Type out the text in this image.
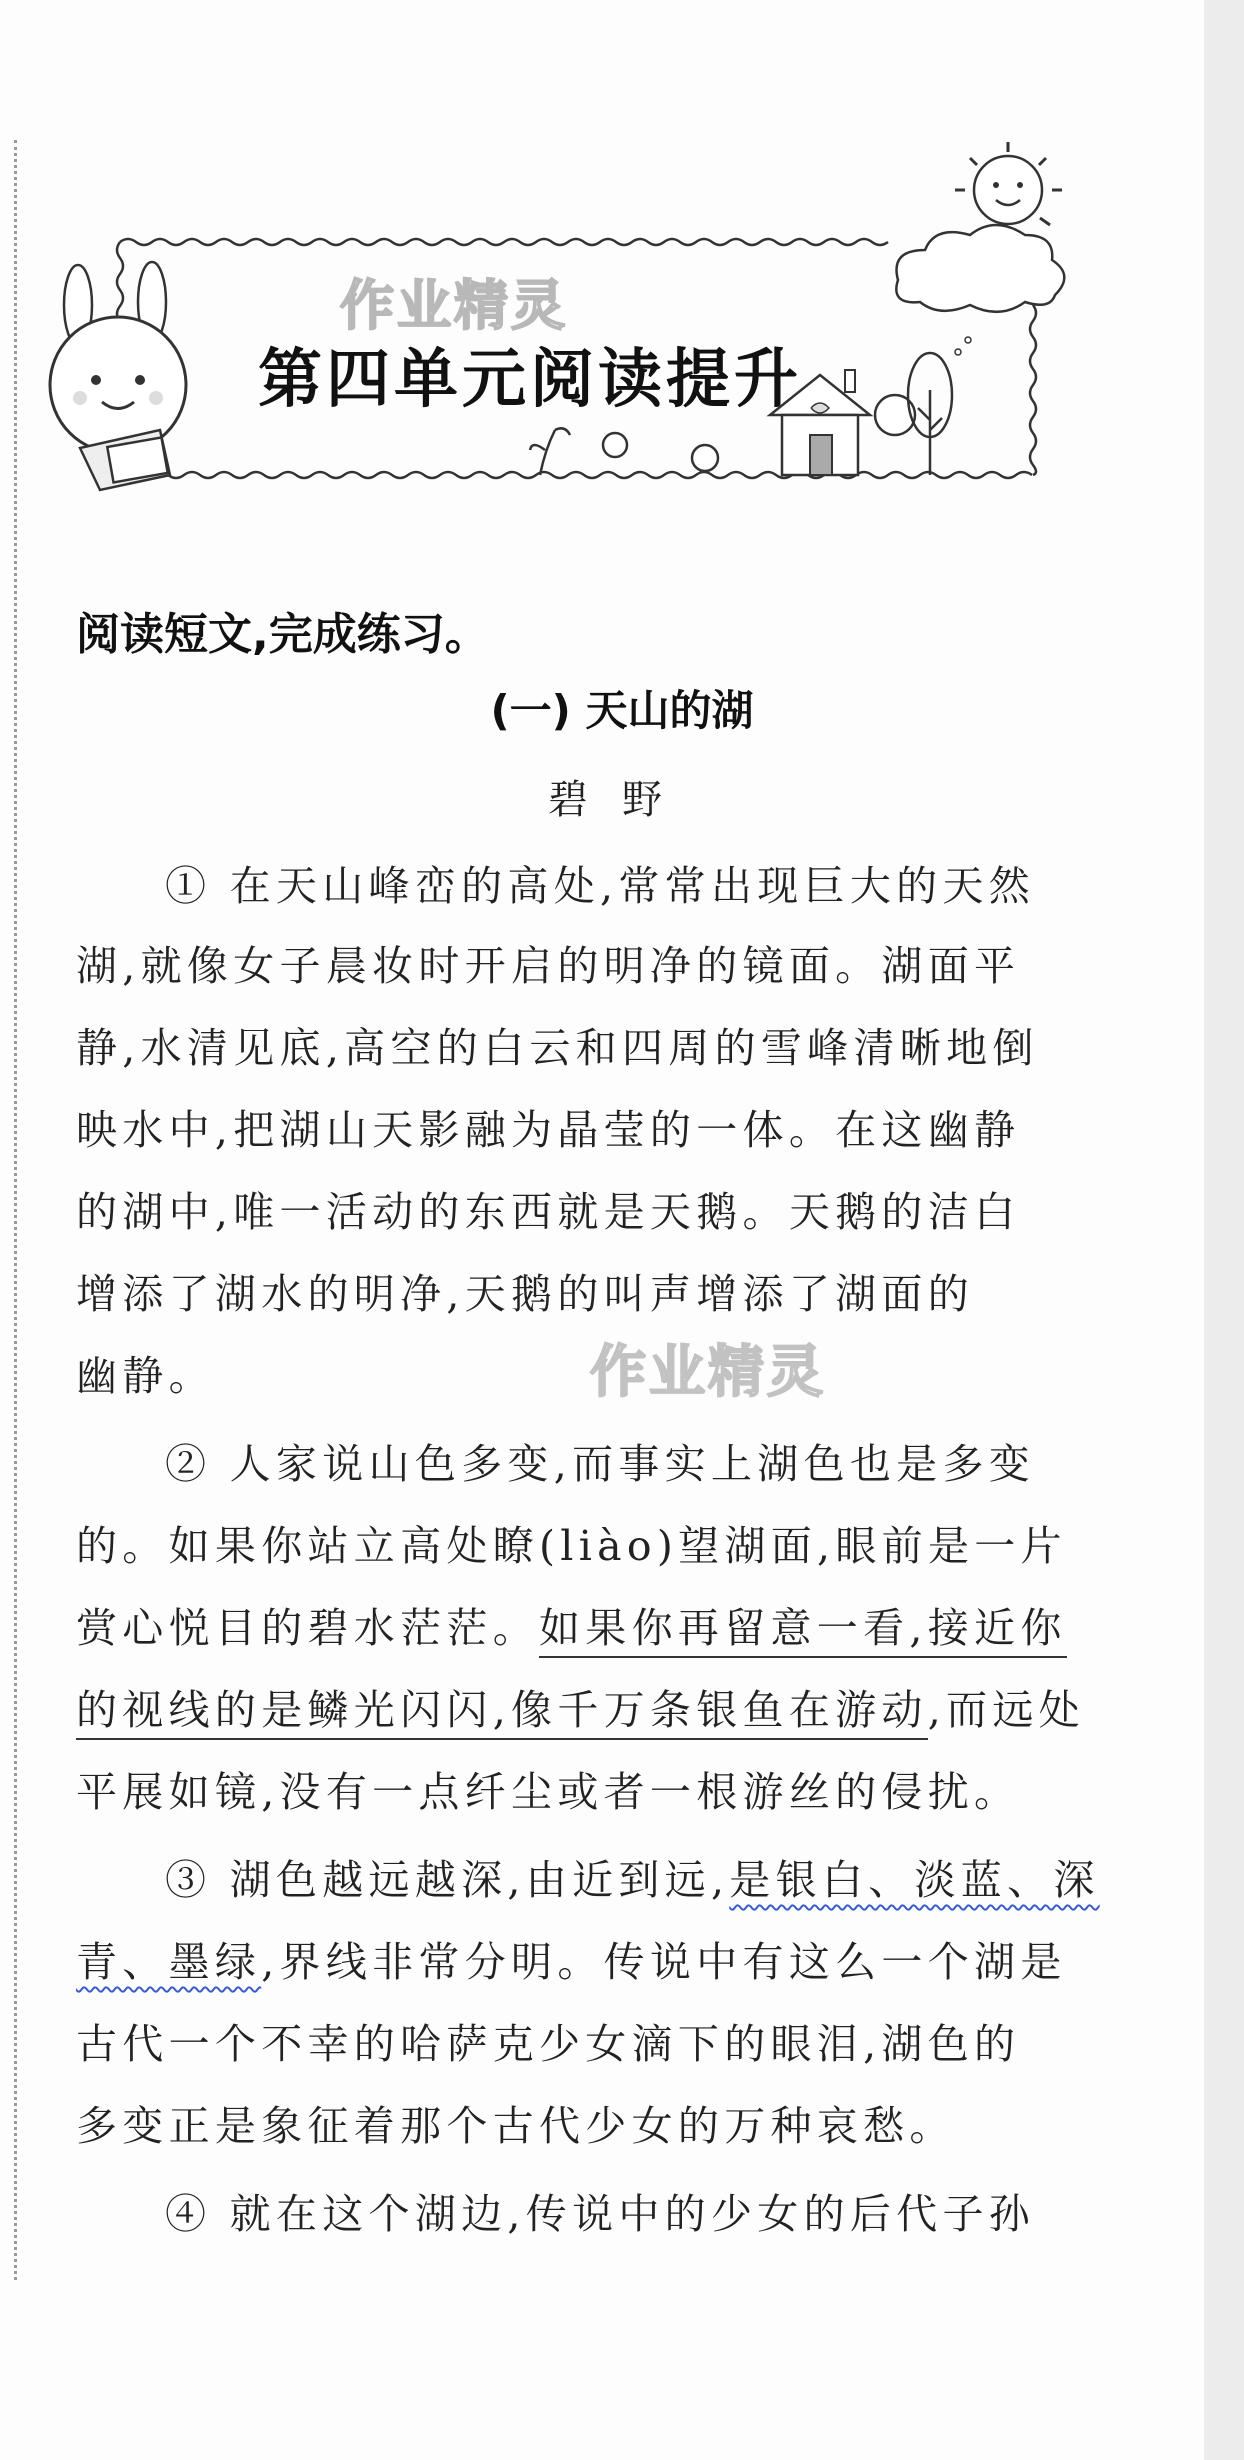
作业精灵
第四单元阅读提升
阅读短文,完成练习。
(一) 天山的湖
碧野
① 在天山峰峦的高处,常常出现巨大的天然
湖,就像女子晨妆时开启的明净的镜面。湖面平
静,水清见底,高空的白云和四周的雪峰清晰地倒
映水中,把湖山天影融为晶莹的一体。在这幽静
的湖中,唯一活动的东西就是天鹅。天鹅的洁白
增添了湖水的明净,天鹅的叫声增添了湖面的
幽静。	作业精灵
② 人家说山色多变,而事实上湖色也是多变
的。如果你站立高处瞭(liào)望湖面,眼前是一片
赏心悦目的碧水茫茫。如果你再留意一看,接近你
的视线的是鳞光闪闪,像千万条银鱼在游动,而远处
平展如镜,没有一点纤尘或者一根游丝的侵扰。
③ 湖色越远越深,由近到远,是银白、淡蓝、深
青、墨绿,界线非常分明。传说中有这么一个湖是
古代一个不幸的哈萨克少女滴下的眼泪,湖色的
多变正是象征着那个古代少女的万种哀愁。
④ 就在这个湖边,传说中的少女的后代子孙
